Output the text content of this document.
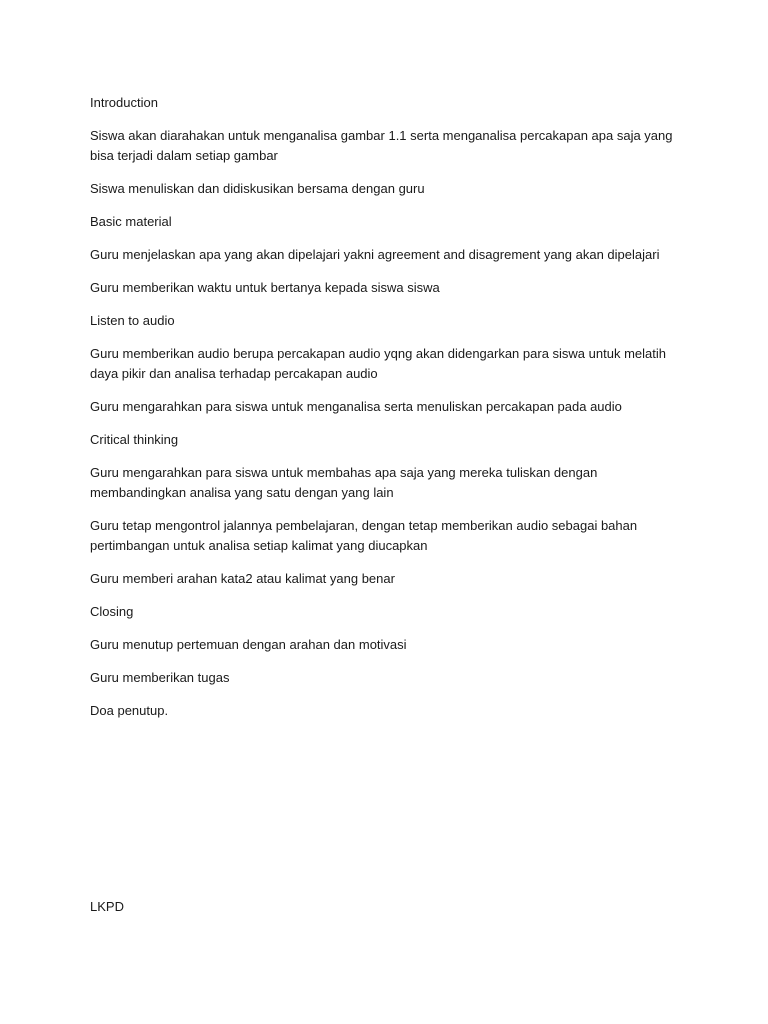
Introduction

Siswa akan diarahakan untuk menganalisa gambar 1.1 serta menganalisa percakapan apa saja yang bisa terjadi dalam setiap gambar

Siswa menuliskan dan didiskusikan bersama dengan guru

Basic material

Guru menjelaskan apa yang akan dipelajari yakni agreement and disagrement yang akan dipelajari

Guru memberikan waktu untuk bertanya kepada siswa siswa

Listen to audio

Guru memberikan audio berupa percakapan audio yqng akan didengarkan para siswa untuk melatih daya pikir dan analisa terhadap percakapan audio

Guru mengarahkan para siswa untuk menganalisa serta menuliskan percakapan pada audio

Critical thinking

Guru mengarahkan para siswa untuk membahas apa saja yang mereka tuliskan dengan membandingkan analisa yang satu dengan yang lain

Guru tetap mengontrol jalannya pembelajaran, dengan tetap memberikan audio sebagai bahan pertimbangan untuk analisa setiap kalimat yang diucapkan

Guru memberi arahan kata2 atau kalimat yang benar

Closing

Guru menutup pertemuan dengan arahan dan motivasi

Guru memberikan tugas

Doa penutup.

LKPD
